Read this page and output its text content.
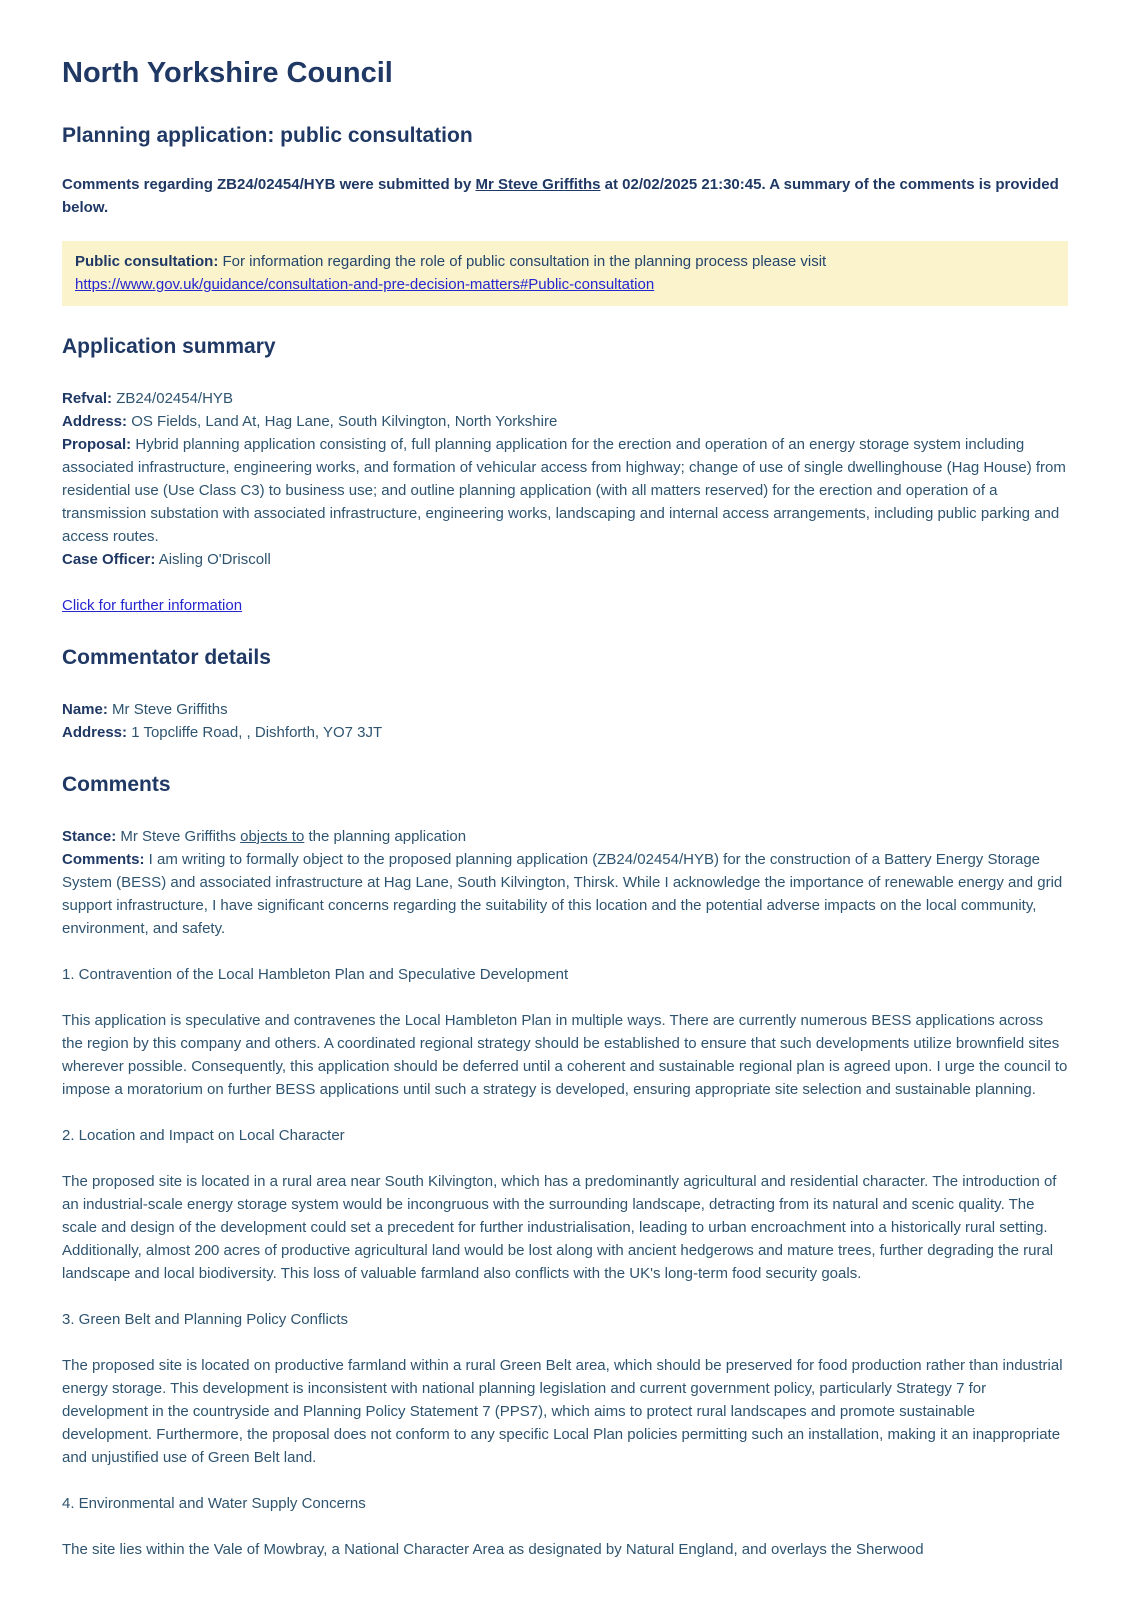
North Yorkshire Council
Planning application: public consultation

Comments regarding ZB24/02454/HYB were submitted by Mr Steve Griffiths at 02/02/2025 21:30:45. A summary of the comments is provided below.

Public consultation: For information regarding the role of public consultation in the planning process please visit
https://www.gov.uk/guidance/consultation-and-pre-decision-matters#Public-consultation
Application summary
Refval: ZB24/02454/HYB
Address: OS Fields, Land At, Hag Lane, South Kilvington, North Yorkshire
Proposal: Hybrid planning application consisting of, full planning application for the erection and operation of an energy storage system including associated infrastructure, engineering works, and formation of vehicular access from highway; change of use of single dwellinghouse (Hag House) from residential use (Use Class C3) to business use; and outline planning application (with all matters reserved) for the erection and operation of a transmission substation with associated infrastructure, engineering works, landscaping and internal access arrangements, including public parking and access routes.
Case Officer: Aisling O'Driscoll

Click for further information

Commentator details
Name: Mr Steve Griffiths
Address: 1 Topcliffe Road, , Dishforth, YO7 3JT
Comments
Stance: Mr Steve Griffiths objects to the planning application
Comments: I am writing to formally object to the proposed planning application (ZB24/02454/HYB) for the construction of a Battery Energy Storage System (BESS) and associated infrastructure at Hag Lane, South Kilvington, Thirsk. While I acknowledge the importance of renewable energy and grid support infrastructure, I have significant concerns regarding the suitability of this location and the potential adverse impacts on the local community, environment, and safety.

1. Contravention of the Local Hambleton Plan and Speculative Development

This application is speculative and contravenes the Local Hambleton Plan in multiple ways. There are currently numerous BESS applications across the region by this company and others. A coordinated regional strategy should be established to ensure that such developments utilize brownfield sites wherever possible. Consequently, this application should be deferred until a coherent and sustainable regional plan is agreed upon. I urge the council to impose a moratorium on further BESS applications until such a strategy is developed, ensuring appropriate site selection and sustainable planning.

2. Location and Impact on Local Character

The proposed site is located in a rural area near South Kilvington, which has a predominantly agricultural and residential character. The introduction of an industrial-scale energy storage system would be incongruous with the surrounding landscape, detracting from its natural and scenic quality. The scale and design of the development could set a precedent for further industrialisation, leading to urban encroachment into a historically rural setting. Additionally, almost 200 acres of productive agricultural land would be lost along with ancient hedgerows and mature trees, further degrading the rural landscape and local biodiversity. This loss of valuable farmland also conflicts with the UK's long-term food security goals.

3. Green Belt and Planning Policy Conflicts

The proposed site is located on productive farmland within a rural Green Belt area, which should be preserved for food production rather than industrial energy storage. This development is inconsistent with national planning legislation and current government policy, particularly Strategy 7 for development in the countryside and Planning Policy Statement 7 (PPS7), which aims to protect rural landscapes and promote sustainable development. Furthermore, the proposal does not conform to any specific Local Plan policies permitting such an installation, making it an inappropriate and unjustified use of Green Belt land.

4. Environmental and Water Supply Concerns

The site lies within the Vale of Mowbray, a National Character Area as designated by Natural England, and overlays the Sherwood
